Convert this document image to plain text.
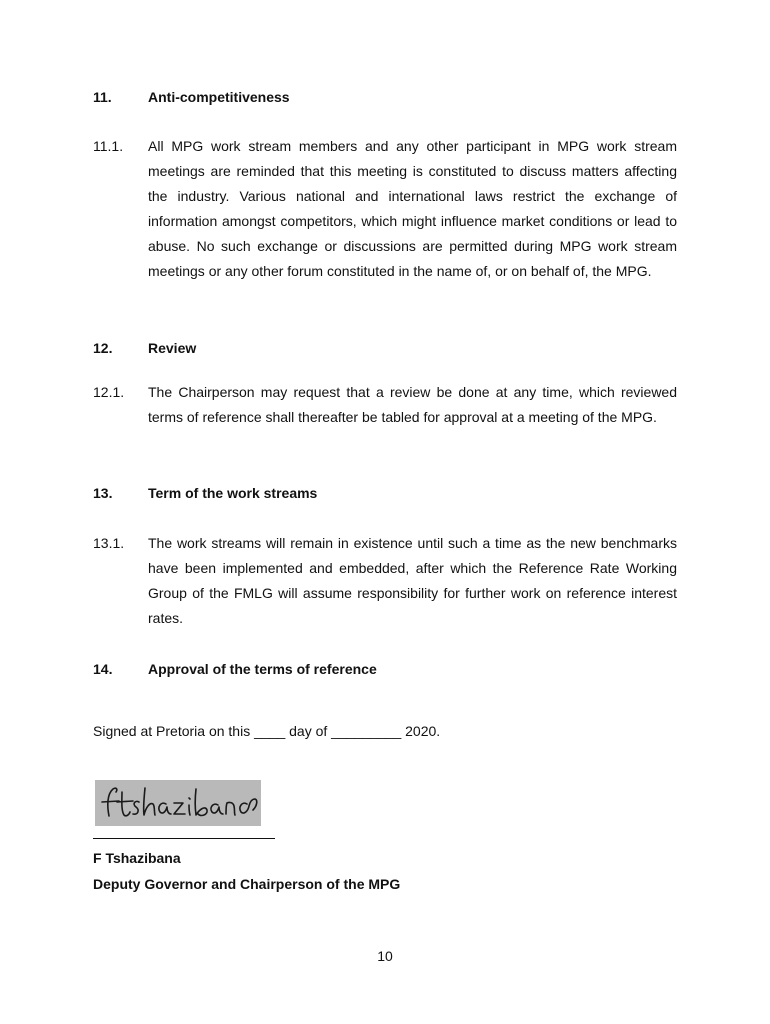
11.	Anti-competitiveness
11.1. All MPG work stream members and any other participant in MPG work stream meetings are reminded that this meeting is constituted to discuss matters affecting the industry. Various national and international laws restrict the exchange of information amongst competitors, which might influence market conditions or lead to abuse. No such exchange or discussions are permitted during MPG work stream meetings or any other forum constituted in the name of, or on behalf of, the MPG.
12.	Review
12.1. The Chairperson may request that a review be done at any time, which reviewed terms of reference shall thereafter be tabled for approval at a meeting of the MPG.
13.	Term of the work streams
13.1. The work streams will remain in existence until such a time as the new benchmarks have been implemented and embedded, after which the Reference Rate Working Group of the FMLG will assume responsibility for further work on reference interest rates.
14.	Approval of the terms of reference
Signed at Pretoria on this ____ day of _________ 2020.
F Tshazibana
Deputy Governor and Chairperson of the MPG
10
